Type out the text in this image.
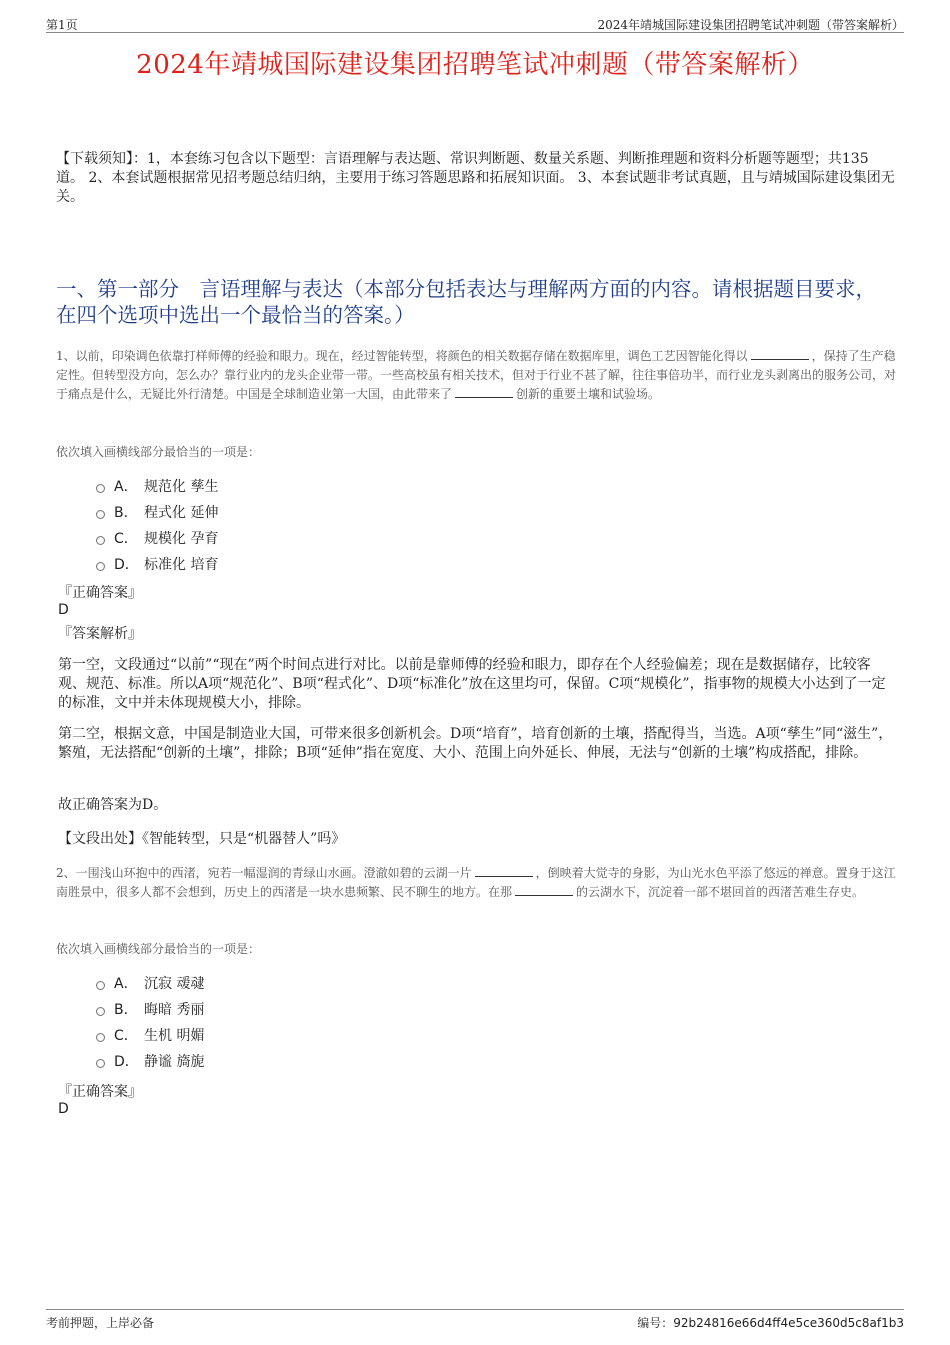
第1页	2024年靖城国际建设集团招聘笔试冲刺题（带答案解析）
2024年靖城国际建设集团招聘笔试冲刺题（带答案解析）
【下载须知】：1，本套练习包含以下题型：言语理解与表达题、常识判断题、数量关系题、判断推理题和资料分析题等题型；共135道。 2、本套试题根据常见招考题总结归纳，主要用于练习答题思路和拓展知识面。 3、本套试题非考试真题，且与靖城国际建设集团无关。
一、第一部分　言语理解与表达（本部分包括表达与理解两方面的内容。请根据题目要求，在四个选项中选出一个最恰当的答案。）
1、以前，印染调色依靠打样师傅的经验和眼力。现在，经过智能转型，将颜色的相关数据存储在数据库里，调色工艺因智能化得以	，保持了生产稳定性。但转型没方向，怎么办？靠行业内的龙头企业带一带。一些高校虽有相关技术，但对于行业不甚了解，往往事倍功半，而行业龙头剥离出的服务公司，对于痛点是什么，无疑比外行清楚。中国是全球制造业第一大国，由此带来了	创新的重要土壤和试验场。
依次填入画横线部分最恰当的一项是：
A． 规范化 孳生
B． 程式化 延伸
C． 规模化 孕育
D． 标准化 培育
『正确答案』
D
『答案解析』
第一空，文段通过“以前”“现在”两个时间点进行对比。以前是靠师傅的经验和眼力，即存在个人经验偏差；现在是数据储存，比较客观、规范、标准。所以A项“规范化”、B项“程式化”、D项“标准化”放在这里均可，保留。C项“规模化”，指事物的规模大小达到了一定的标准，文中并未体现规模大小，排除。
第二空，根据文意，中国是制造业大国，可带来很多创新机会。D项“培育”，培育创新的土壤，搭配得当，当选。A项“孳生”同“滋生”，繁殖，无法搭配“创新的土壤”，排除；B项“延伸”指在宽度、大小、范围上向外延长、伸展，无法与“创新的土壤”构成搭配，排除。
故正确答案为D。
【文段出处】《智能转型，只是“机器替人”吗》
2、一围浅山环抱中的西渚，宛若一幅湿润的青绿山水画。澄澈如碧的云湖一片	，倒映着大觉寺的身影，为山光水色平添了悠远的禅意。置身于这江南胜景中，很多人都不会想到，历史上的西渚是一块水患频繁、民不聊生的地方。在那	的云湖水下，沉淀着一部不堪回首的西渚苦难生存史。
依次填入画横线部分最恰当的一项是：
A． 沉寂 叆叇
B． 晦暗 秀丽
C． 生机 明媚
D． 静谧 旖旎
『正确答案』
D
考前押题，上岸必备	编号：92b24816e66d4ff4e5ce360d5c8af1b3
